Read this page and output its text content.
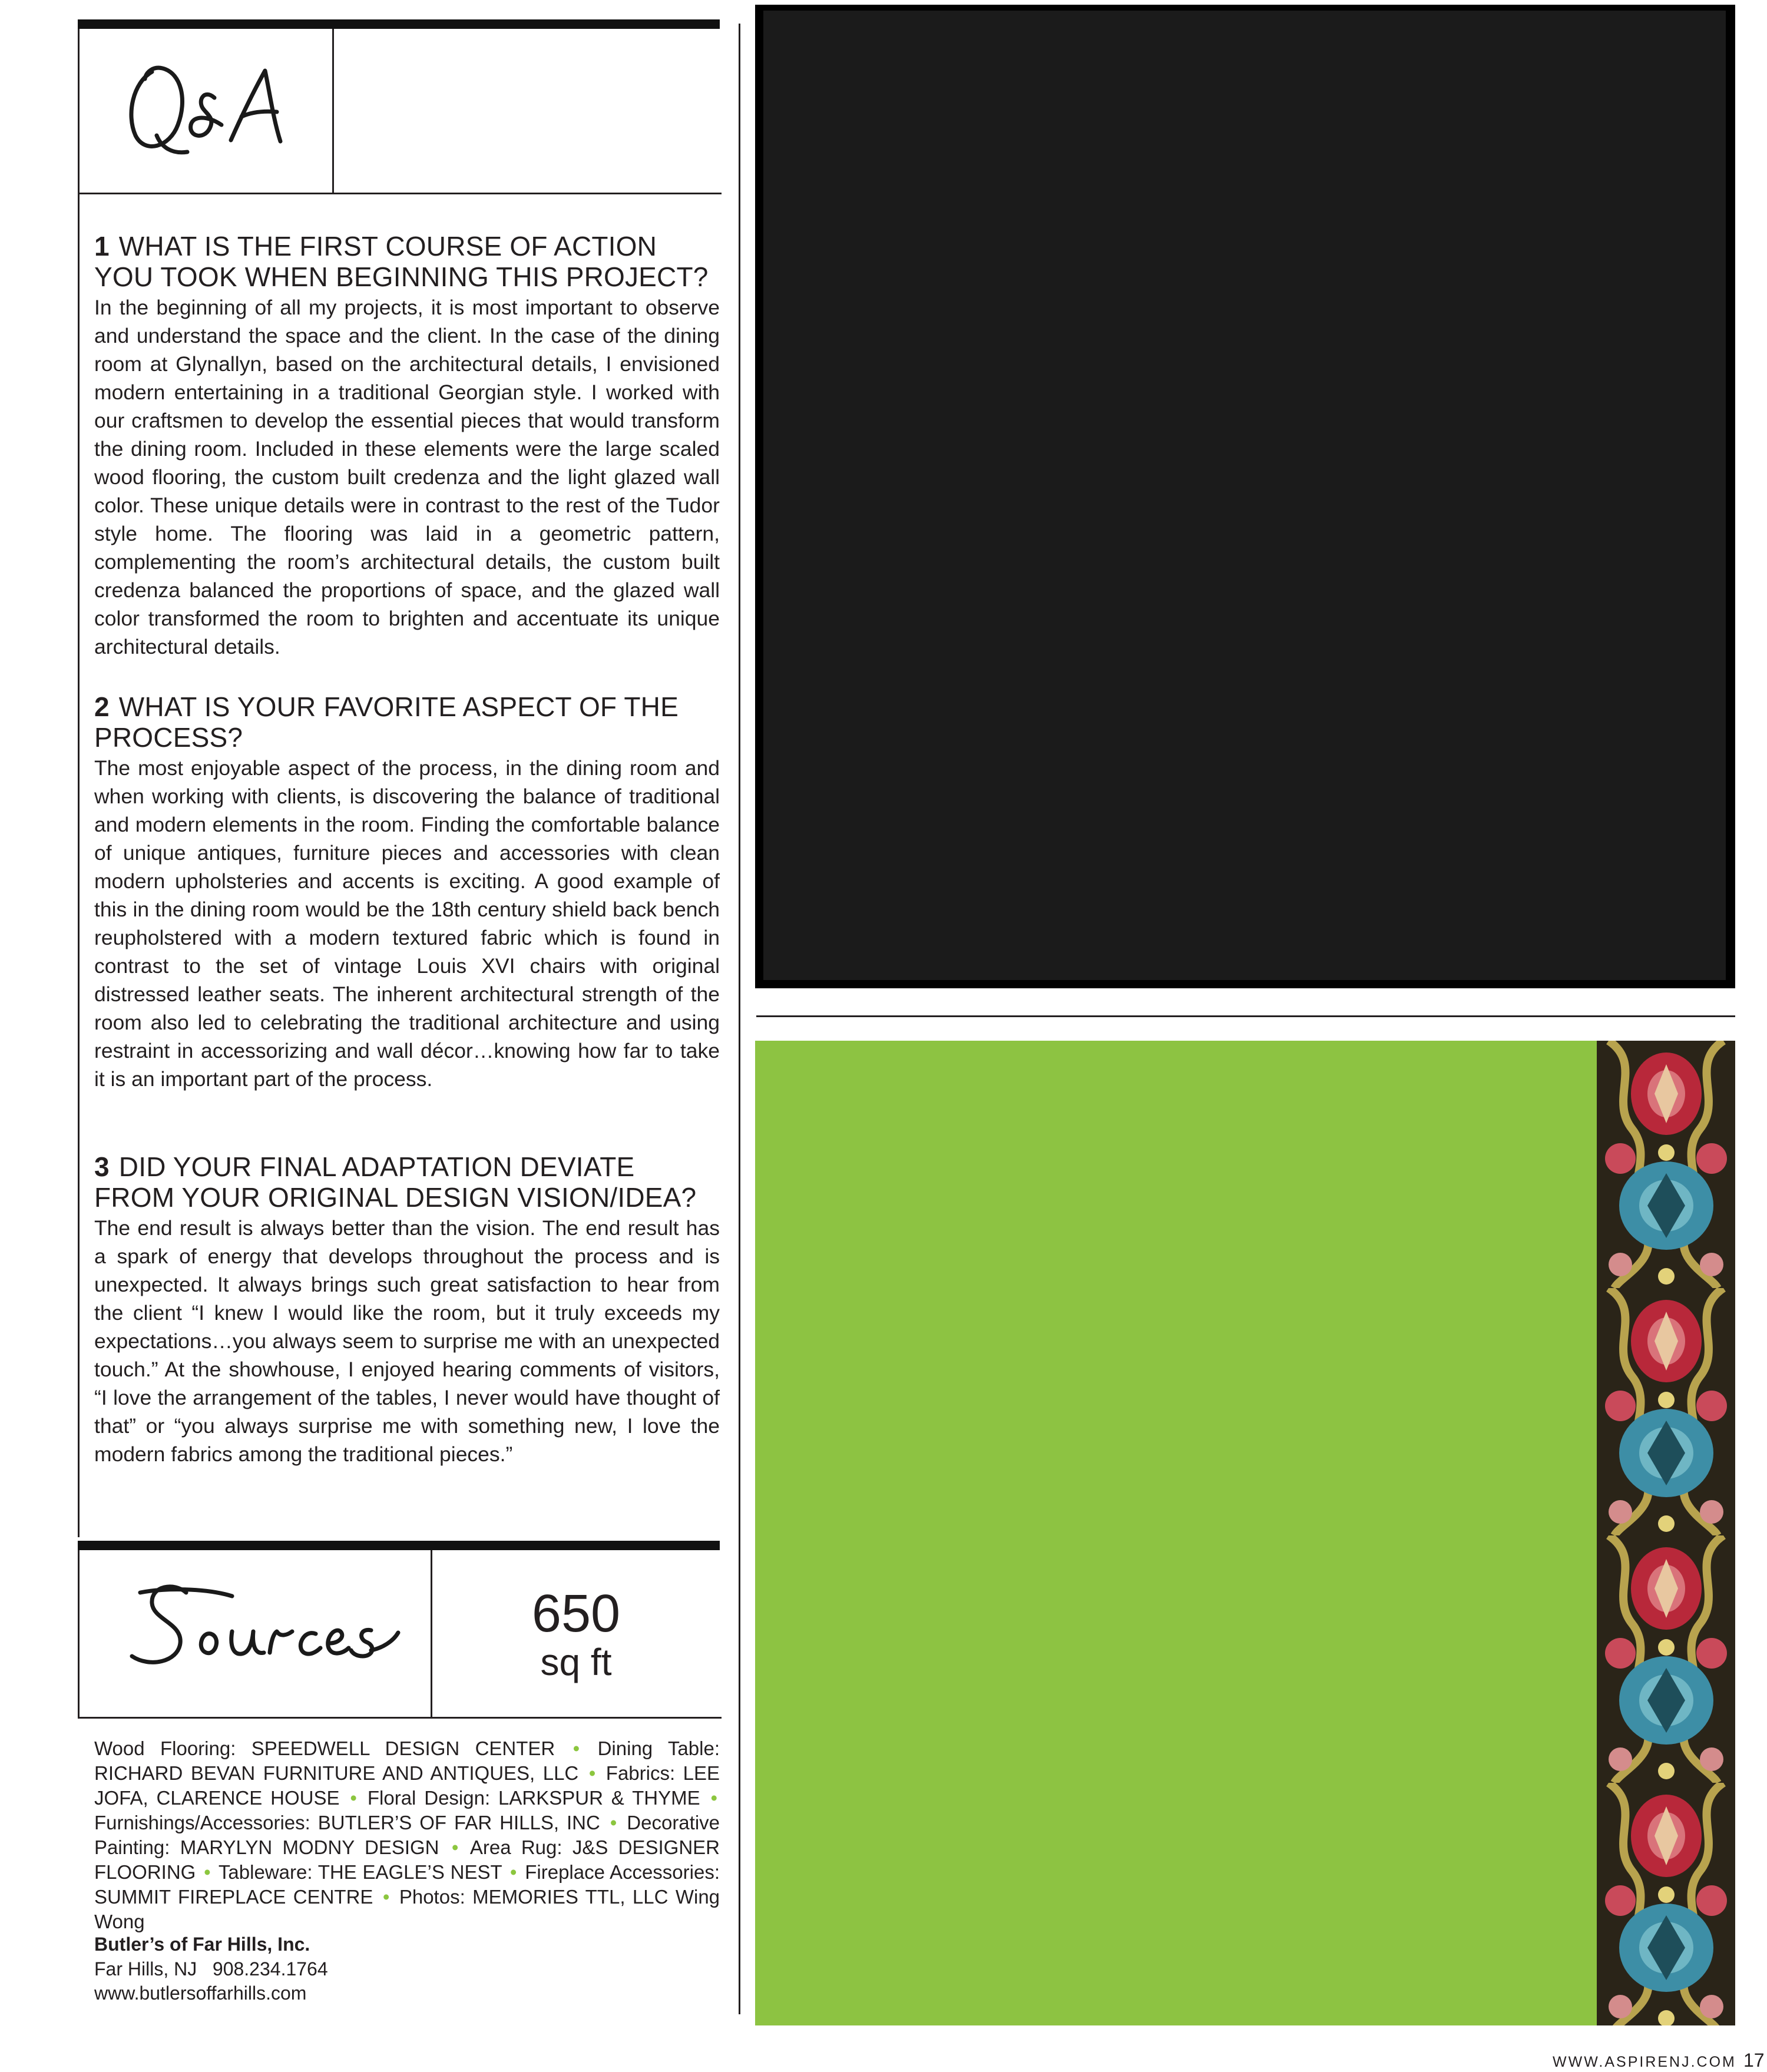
1 WHAT IS THE FIRST COURSE OF ACTION YOU TOOK WHEN BEGINNING THIS PROJECT?
In the beginning of all my projects, it is most important to observe and understand the space and the client. In the case of the dining room at Glynallyn, based on the architectural details, I envisioned modern entertaining in a traditional Georgian style. I worked with our craftsmen to develop the essential pieces that would transform the dining room. Included in these elements were the large scaled wood flooring, the custom built credenza and the light glazed wall color. These unique details were in contrast to the rest of the Tudor style home. The flooring was laid in a geometric pattern, complementing the room’s architectural details, the custom built credenza balanced the proportions of space, and the glazed wall color transformed the room to brighten and accentuate its unique architectural details.
2 WHAT IS YOUR FAVORITE ASPECT OF THE PROCESS?
The most enjoyable aspect of the process, in the dining room and when working with clients, is discovering the balance of traditional and modern elements in the room. Finding the comfortable balance of unique antiques, furniture pieces and accessories with clean modern upholsteries and accents is exciting. A good example of this in the dining room would be the 18th century shield back bench reupholstered with a modern textured fabric which is found in contrast to the set of vintage Louis XVI chairs with original distressed leather seats. The inherent architectural strength of the room also led to celebrating the traditional architecture and using restraint in accessorizing and wall décor…knowing how far to take it is an important part of the process.
3 DID YOUR FINAL ADAPTATION DEVIATE FROM YOUR ORIGINAL DESIGN VISION/IDEA?
The end result is always better than the vision. The end result has a spark of energy that develops throughout the process and is unexpected. It always brings such great satisfaction to hear from the client “I knew I would like the room, but it truly exceeds my expectations…you always seem to surprise me with an unexpected touch.” At the showhouse, I enjoyed hearing comments of visitors, “I love the arrangement of the tables, I never would have thought of that” or “you always surprise me with something new, I love the modern fabrics among the traditional pieces.”
650
sq ft
Wood Flooring: SPEEDWELL DESIGN CENTER • Dining Table: RICHARD BEVAN FURNITURE AND ANTIQUES, LLC • Fabrics: LEE JOFA, CLARENCE HOUSE • Floral Design: LARKSPUR & THYME • Furnishings/Accessories: BUTLER’S OF FAR HILLS, INC • Decorative Painting: MARYLYN MODNY DESIGN • Area Rug: J&S DESIGNER FLOORING • Tableware: THE EAGLE’S NEST • Fireplace Accessories: SUMMIT FIREPLACE CENTRE • Photos: MEMORIES TTL, LLC Wing Wong
Butler’s of Far Hills, Inc.
Far Hills, NJ   908.234.1764
www.butlersoffarhills.com
WWW.ASPIRENJ.COM 17
